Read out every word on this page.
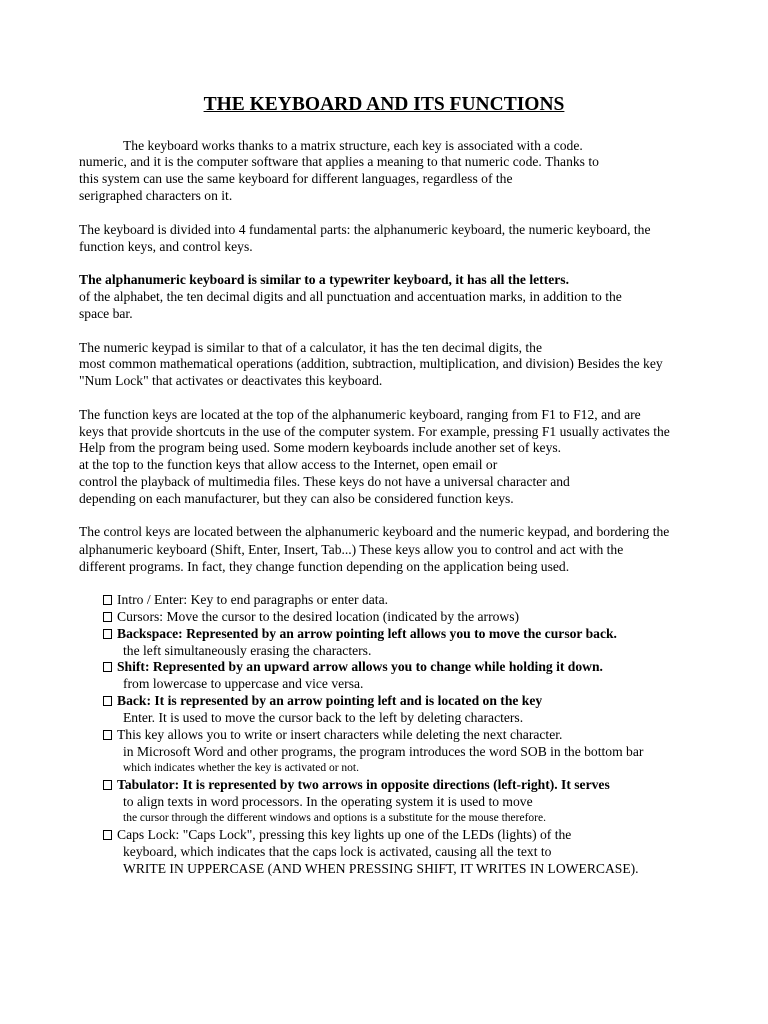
THE KEYBOARD AND ITS FUNCTIONS
The keyboard works thanks to a matrix structure, each key is associated with a code.
numeric, and it is the computer software that applies a meaning to that numeric code. Thanks to
this system can use the same keyboard for different languages, regardless of the
serigraphed characters on it.
The keyboard is divided into 4 fundamental parts: the alphanumeric keyboard, the numeric keyboard, the
function keys, and control keys.
The alphanumeric keyboard is similar to a typewriter keyboard, it has all the letters.
of the alphabet, the ten decimal digits and all punctuation and accentuation marks, in addition to the
space bar.
The numeric keypad is similar to that of a calculator, it has the ten decimal digits, the
most common mathematical operations (addition, subtraction, multiplication, and division) Besides the key
"Num Lock" that activates or deactivates this keyboard.
The function keys are located at the top of the alphanumeric keyboard, ranging from F1 to F12, and are
keys that provide shortcuts in the use of the computer system. For example, pressing F1 usually activates the
Help from the program being used. Some modern keyboards include another set of keys.
at the top to the function keys that allow access to the Internet, open email or
control the playback of multimedia files. These keys do not have a universal character and
depending on each manufacturer, but they can also be considered function keys.
The control keys are located between the alphanumeric keyboard and the numeric keypad, and bordering the
alphanumeric keyboard (Shift, Enter, Insert, Tab...) These keys allow you to control and act with the
different programs. In fact, they change function depending on the application being used.
Intro / Enter: Key to end paragraphs or enter data.
Cursors: Move the cursor to the desired location (indicated by the arrows)
Backspace: Represented by an arrow pointing left allows you to move the cursor back.
the left simultaneously erasing the characters.
Shift: Represented by an upward arrow allows you to change while holding it down.
from lowercase to uppercase and vice versa.
Back: It is represented by an arrow pointing left and is located on the key
Enter. It is used to move the cursor back to the left by deleting characters.
This key allows you to write or insert characters while deleting the next character.
in Microsoft Word and other programs, the program introduces the word SOB in the bottom bar
which indicates whether the key is activated or not.
Tabulator: It is represented by two arrows in opposite directions (left-right). It serves
to align texts in word processors. In the operating system it is used to move
the cursor through the different windows and options is a substitute for the mouse therefore.
Caps Lock: "Caps Lock", pressing this key lights up one of the LEDs (lights) of the
keyboard, which indicates that the caps lock is activated, causing all the text to
WRITE IN UPPERCASE (AND WHEN PRESSING SHIFT, IT WRITES IN LOWERCASE).
